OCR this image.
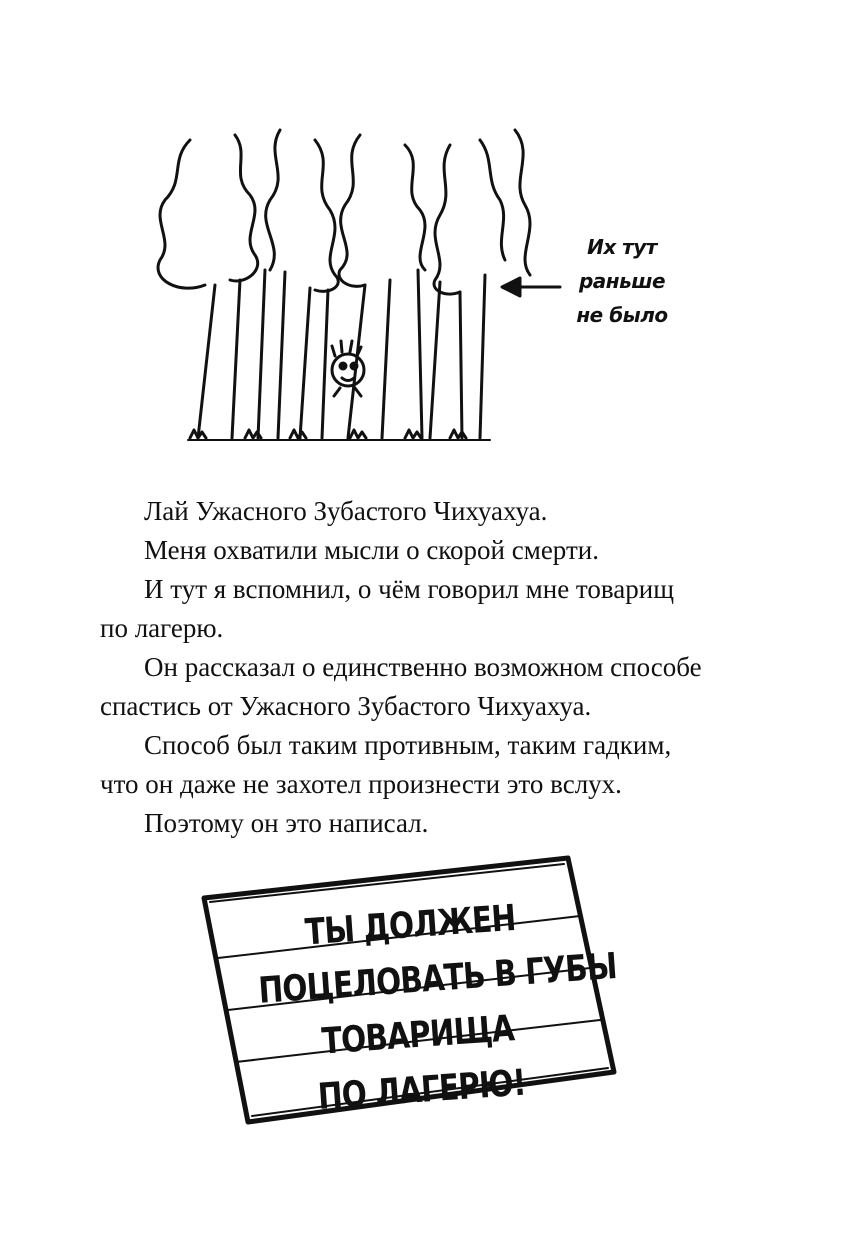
Их тут
раньше
не было

Лай Ужасного Зубастого Чихуахуа.

Меня охватили мысли о скорой смерти.

И тут я вспомнил, о чём говорил мне товарищ по лагерю.

Он рассказал о единственно возможном способе спастись от Ужасного Зубастого Чихуахуа.

Способ был таким противным, таким гадким, что он даже не захотел произнести это вслух.

Поэтому он это написал.

ТЫ ДОЛЖЕН
ПОЦЕЛОВАТЬ В ГУБЫ
ТОВАРИЩА
ПО ЛАГЕРЮ!
